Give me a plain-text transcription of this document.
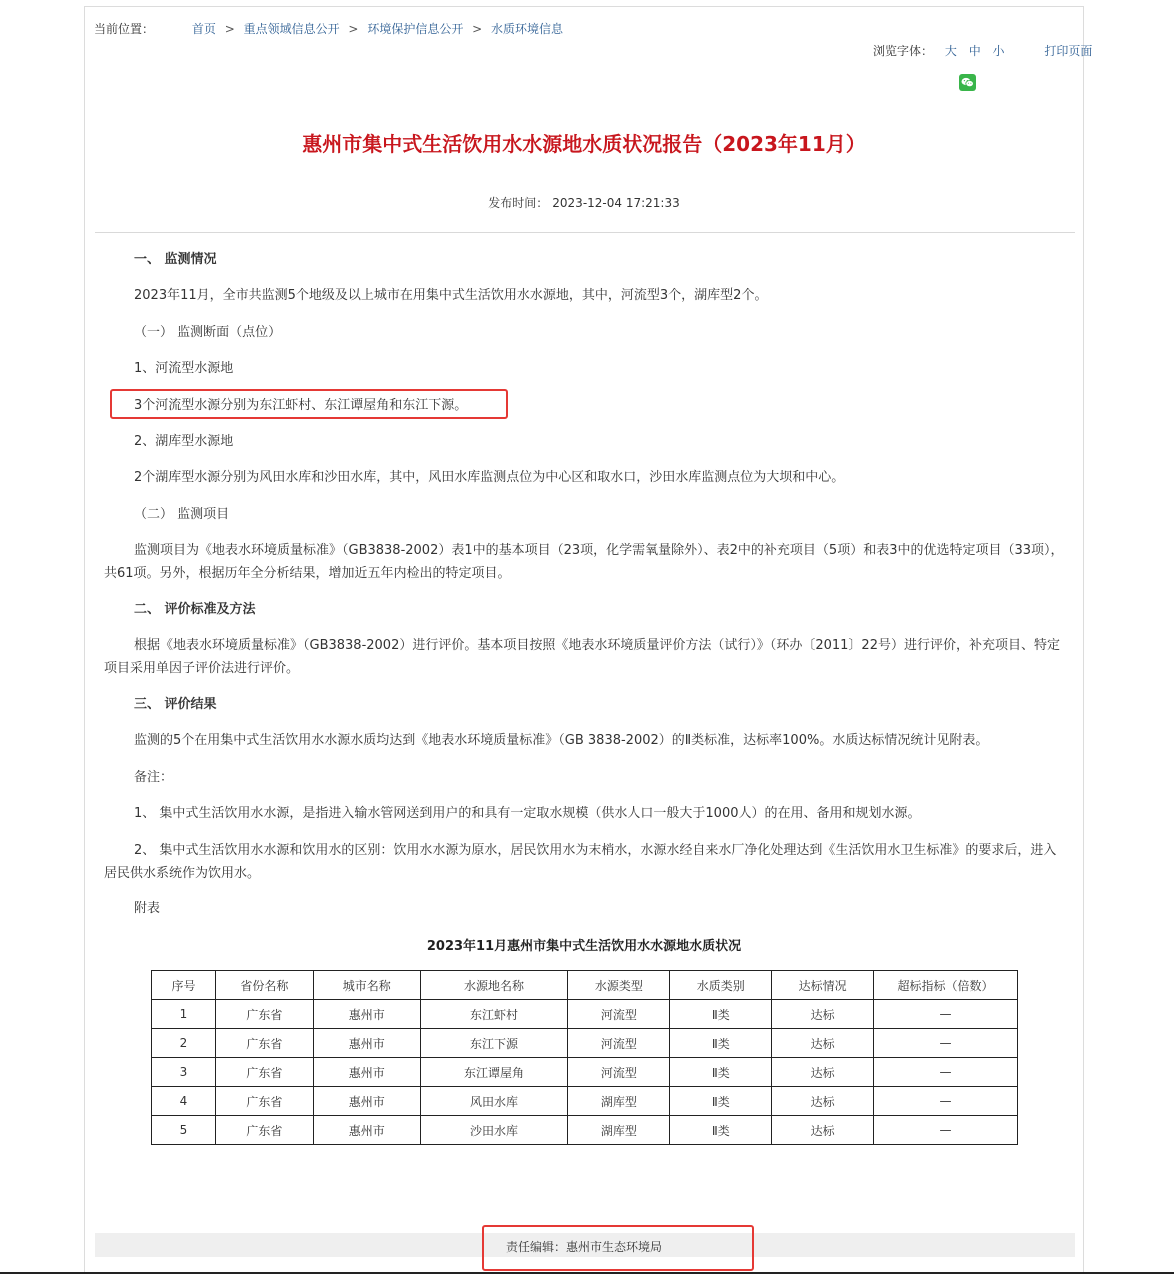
当前位置：	首页 > 重点领域信息公开 > 环境保护信息公开 > 水质环境信息
浏览字体： 大 中 小	打印页面
惠州市集中式生活饮用水水源地水质状况报告（2023年11月）
发布时间： 2023-12-04 17:21:33

一、 监测情况

2023年11月，全市共监测5个地级及以上城市在用集中式生活饮用水水源地，其中，河流型3个，湖库型2个。

（一） 监测断面（点位）

1、河流型水源地

3个河流型水源分别为东江虾村、东江谭屋角和东江下源。

2、湖库型水源地

2个湖库型水源分别为风田水库和沙田水库，其中，风田水库监测点位为中心区和取水口，沙田水库监测点位为大坝和中心。

（二） 监测项目

监测项目为《地表水环境质量标准》（GB3838-2002）表1中的基本项目（23项，化学需氧量除外）、表2中的补充项目（5项）和表3中的优选特定项目（33项），共61项。另外，根据历年全分析结果，增加近五年内检出的特定项目。

二、 评价标准及方法

根据《地表水环境质量标准》（GB3838-2002）进行评价。基本项目按照《地表水环境质量评价方法（试行）》（环办〔2011〕22号）进行评价，补充项目、特定项目采用单因子评价法进行评价。

三、 评价结果

监测的5个在用集中式生活饮用水水源水质均达到《地表水环境质量标准》（GB 3838-2002）的Ⅱ类标准，达标率100%。水质达标情况统计见附表。

备注：

1、 集中式生活饮用水水源，是指进入输水管网送到用户的和具有一定取水规模（供水人口一般大于1000人）的在用、备用和规划水源。

2、 集中式生活饮用水水源和饮用水的区别：饮用水水源为原水，居民饮用水为末梢水，水源水经自来水厂净化处理达到《生活饮用水卫生标准》的要求后，进入居民供水系统作为饮用水。

附表

2023年11月惠州市集中式生活饮用水水源地水质状况
序号	省份名称	城市名称	水源地名称	水源类型	水质类别	达标情况	超标指标（倍数）
1	广东省	惠州市	东江虾村	河流型	Ⅱ类	达标	—
2	广东省	惠州市	东江下源	河流型	Ⅱ类	达标	—
3	广东省	惠州市	东江谭屋角	河流型	Ⅱ类	达标	—
4	广东省	惠州市	风田水库	湖库型	Ⅱ类	达标	—
5	广东省	惠州市	沙田水库	湖库型	Ⅱ类	达标	—
责任编辑：惠州市生态环境局
